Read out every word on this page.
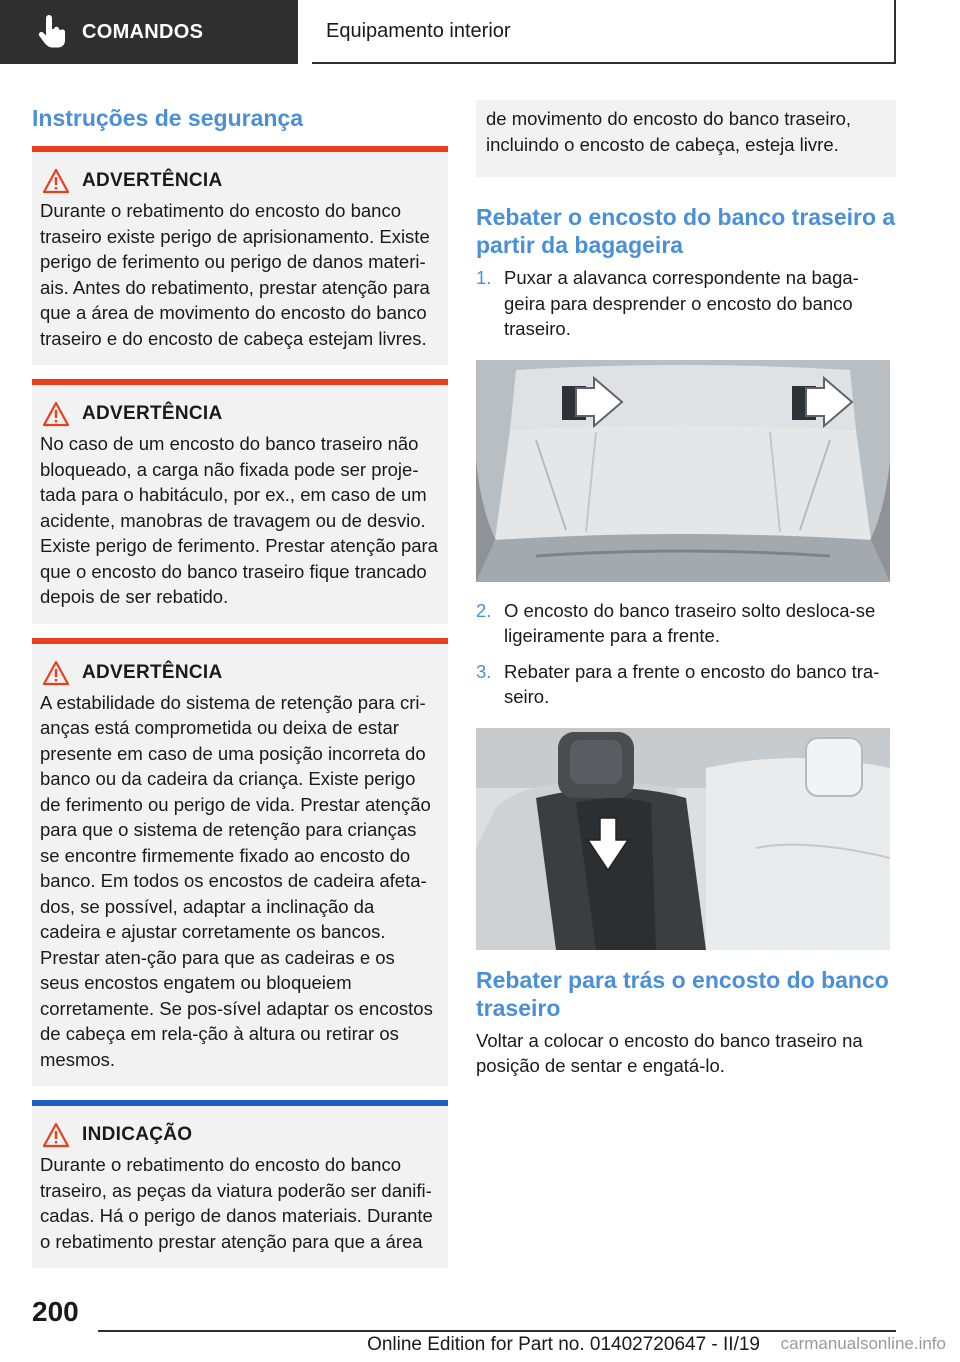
COMANDOS	Equipamento interior
Instruções de segurança
ADVERTÊNCIA
Durante o rebatimento do encosto do banco traseiro existe perigo de aprisionamento. Existe perigo de ferimento ou perigo de danos materi-ais. Antes do rebatimento, prestar atenção para que a área de movimento do encosto do banco traseiro e do encosto de cabeça estejam livres.
ADVERTÊNCIA
No caso de um encosto do banco traseiro não bloqueado, a carga não fixada pode ser proje-tada para o habitáculo, por ex., em caso de um acidente, manobras de travagem ou de desvio. Existe perigo de ferimento. Prestar atenção para que o encosto do banco traseiro fique trancado depois de ser rebatido.
ADVERTÊNCIA
A estabilidade do sistema de retenção para cri-anças está comprometida ou deixa de estar presente em caso de uma posição incorreta do banco ou da cadeira da criança. Existe perigo de ferimento ou perigo de vida. Prestar atenção para que o sistema de retenção para crianças se encontre firmemente fixado ao encosto do banco. Em todos os encostos de cadeira afeta-dos, se possível, adaptar a inclinação da cadeira e ajustar corretamente os bancos. Prestar aten-ção para que as cadeiras e os seus encostos engatem ou bloqueiem corretamente. Se pos-sível adaptar os encostos de cabeça em rela-ção à altura ou retirar os mesmos.
INDICAÇÃO
Durante o rebatimento do encosto do banco traseiro, as peças da viatura poderão ser danifi-cadas. Há o perigo de danos materiais. Durante o rebatimento prestar atenção para que a área
de movimento do encosto do banco traseiro, incluindo o encosto de cabeça, esteja livre.
Rebater o encosto do banco traseiro a partir da bagageira
1. Puxar a alavanca correspondente na baga-geira para desprender o encosto do banco traseiro.
2. O encosto do banco traseiro solto desloca-se ligeiramente para a frente.
3. Rebater para a frente o encosto do banco tra-seiro.
Rebater para trás o encosto do banco traseiro

Voltar a colocar o encosto do banco traseiro na posição de sentar e engatá-lo.

200
Online Edition for Part no. 01402720647 - II/19 carmanualsonline.info
